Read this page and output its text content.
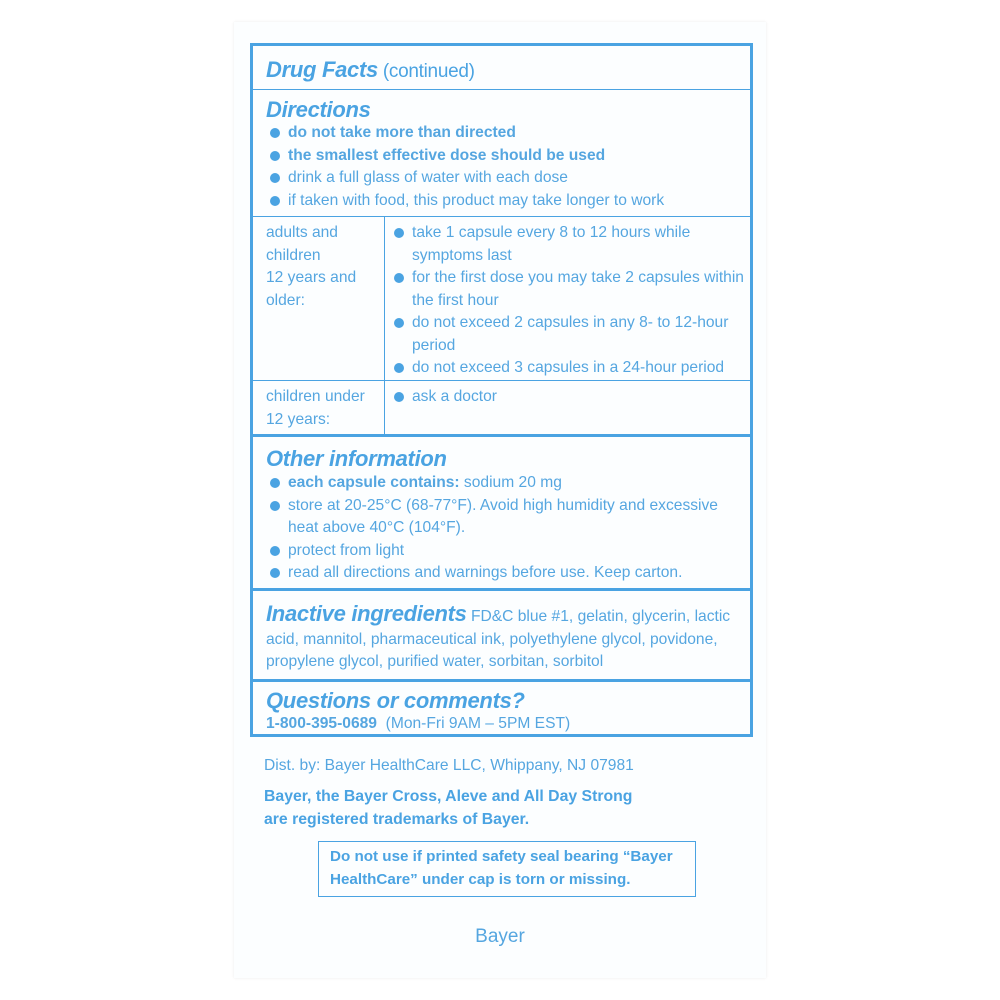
Drug Facts (continued)
Directions
do not take more than directed
the smallest effective dose should be used
drink a full glass of water with each dose
if taken with food, this product may take longer to work
adults and
children
12 years and
older:
take 1 capsule every 8 to 12 hours while symptoms last
for the first dose you may take 2 capsules within the first hour
do not exceed 2 capsules in any 8- to 12-hour period
do not exceed 3 capsules in a 24-hour period
children under
12 years:
ask a doctor
Other information
each capsule contains: sodium 20 mg
store at 20-25°C (68-77°F). Avoid high humidity and excessive heat above 40°C (104°F).
protect from light
read all directions and warnings before use. Keep carton.
Inactive ingredients FD&C blue #1, gelatin, glycerin, lactic acid, mannitol, pharmaceutical ink, polyethylene glycol, povidone, propylene glycol, purified water, sorbitan, sorbitol
Questions or comments?
1-800-395-0689  (Mon-Fri 9AM – 5PM EST)
Dist. by: Bayer HealthCare LLC, Whippany, NJ 07981
Bayer, the Bayer Cross, Aleve and All Day Strong
are registered trademarks of Bayer.
Do not use if printed safety seal bearing “Bayer
HealthCare” under cap is torn or missing.
Bayer
